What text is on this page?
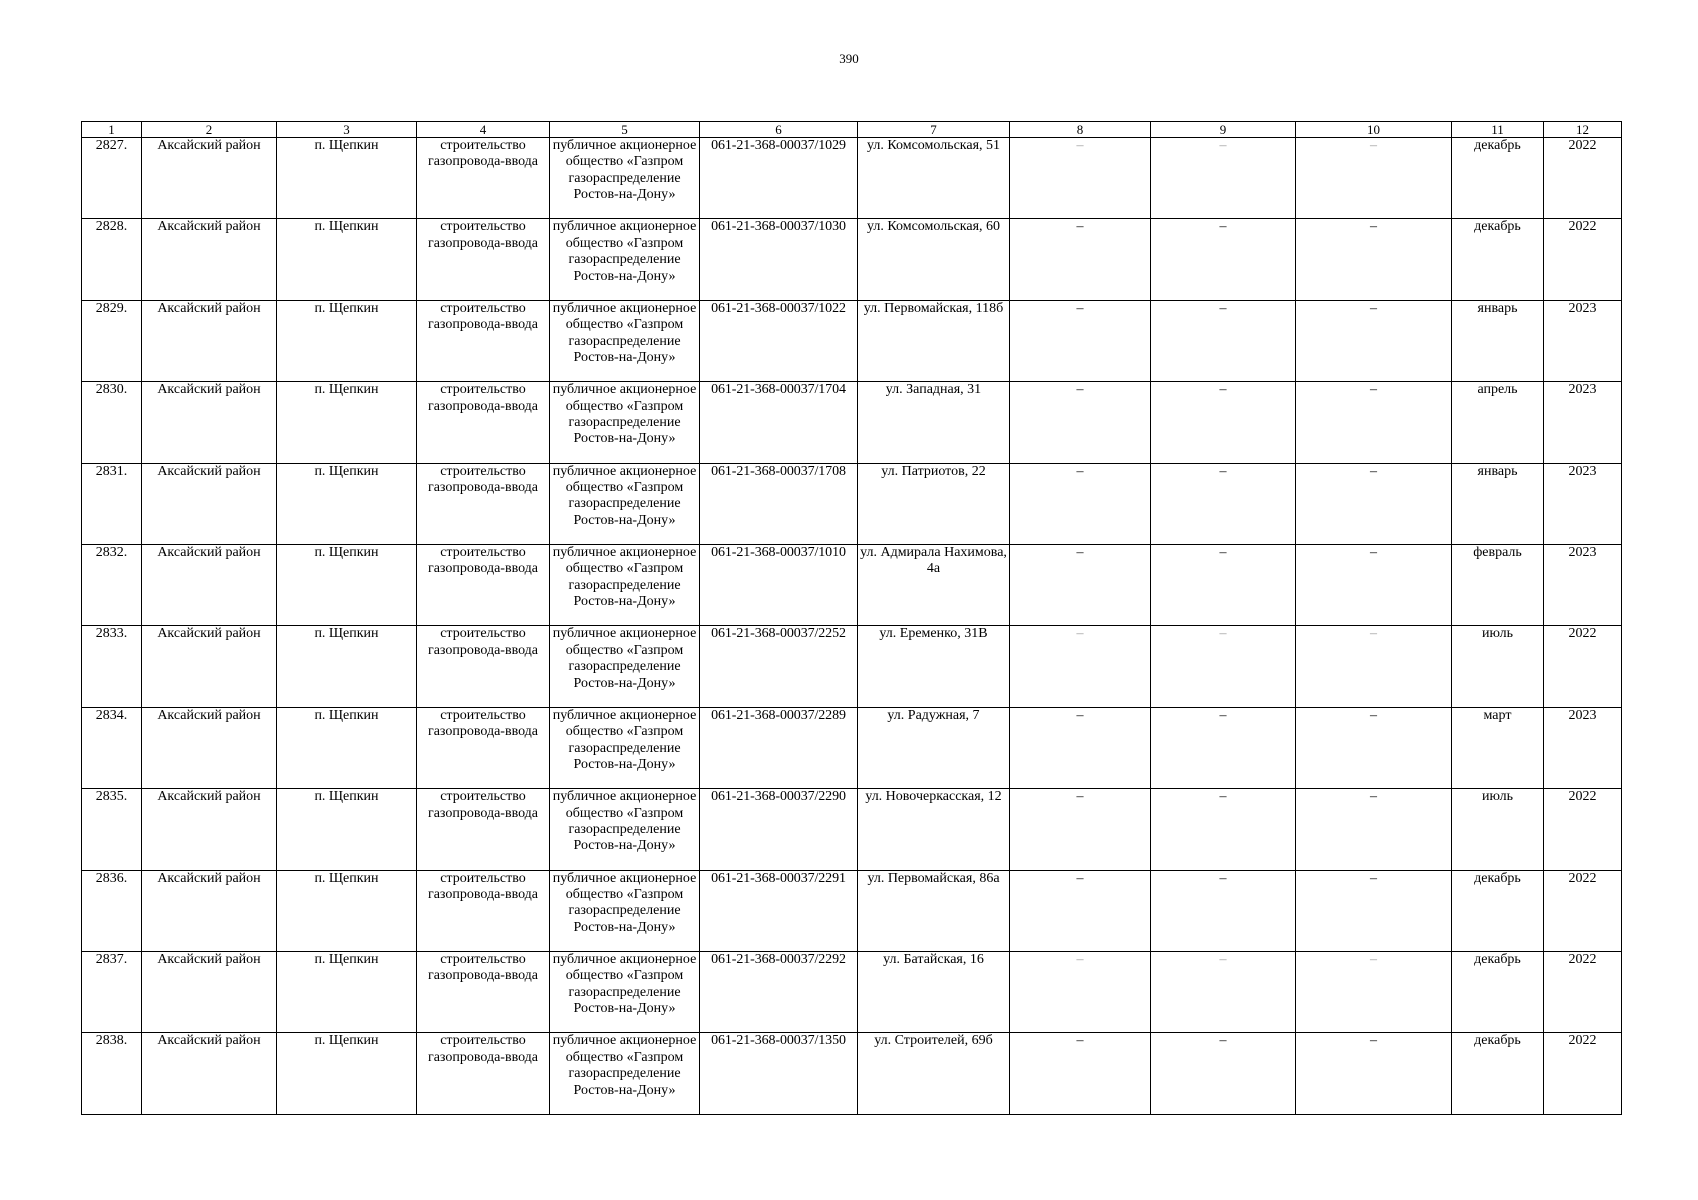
390
1	2	3	4	5	6	7	8	9	10	11	12
2827.	Аксайский район	п. Щепкин	строительство газопровода-ввода	публичное акционерное общество «Газпром газораспределение Ростов-на-Дону»	061-21-368-00037/1029	ул. Комсомольская, 51	–	–	–	декабрь	2022
2828.	Аксайский район	п. Щепкин	строительство газопровода-ввода	публичное акционерное общество «Газпром газораспределение Ростов-на-Дону»	061-21-368-00037/1030	ул. Комсомольская, 60	–	–	–	декабрь	2022
2829.	Аксайский район	п. Щепкин	строительство газопровода-ввода	публичное акционерное общество «Газпром газораспределение Ростов-на-Дону»	061-21-368-00037/1022	ул. Первомайская, 118б	–	–	–	январь	2023
2830.	Аксайский район	п. Щепкин	строительство газопровода-ввода	публичное акционерное общество «Газпром газораспределение Ростов-на-Дону»	061-21-368-00037/1704	ул. Западная, 31	–	–	–	апрель	2023
2831.	Аксайский район	п. Щепкин	строительство газопровода-ввода	публичное акционерное общество «Газпром газораспределение Ростов-на-Дону»	061-21-368-00037/1708	ул. Патриотов, 22	–	–	–	январь	2023
2832.	Аксайский район	п. Щепкин	строительство газопровода-ввода	публичное акционерное общество «Газпром газораспределение Ростов-на-Дону»	061-21-368-00037/1010	ул. Адмирала Нахимова, 4а	–	–	–	февраль	2023
2833.	Аксайский район	п. Щепкин	строительство газопровода-ввода	публичное акционерное общество «Газпром газораспределение Ростов-на-Дону»	061-21-368-00037/2252	ул. Еременко, 31В	–	–	–	июль	2022
2834.	Аксайский район	п. Щепкин	строительство газопровода-ввода	публичное акционерное общество «Газпром газораспределение Ростов-на-Дону»	061-21-368-00037/2289	ул. Радужная, 7	–	–	–	март	2023
2835.	Аксайский район	п. Щепкин	строительство газопровода-ввода	публичное акционерное общество «Газпром газораспределение Ростов-на-Дону»	061-21-368-00037/2290	ул. Новочеркасская, 12	–	–	–	июль	2022
2836.	Аксайский район	п. Щепкин	строительство газопровода-ввода	публичное акционерное общество «Газпром газораспределение Ростов-на-Дону»	061-21-368-00037/2291	ул. Первомайская, 86а	–	–	–	декабрь	2022
2837.	Аксайский район	п. Щепкин	строительство газопровода-ввода	публичное акционерное общество «Газпром газораспределение Ростов-на-Дону»	061-21-368-00037/2292	ул. Батайская, 16	–	–	–	декабрь	2022
2838.	Аксайский район	п. Щепкин	строительство газопровода-ввода	публичное акционерное общество «Газпром газораспределение Ростов-на-Дону»	061-21-368-00037/1350	ул. Строителей, 69б	–	–	–	декабрь	2022
